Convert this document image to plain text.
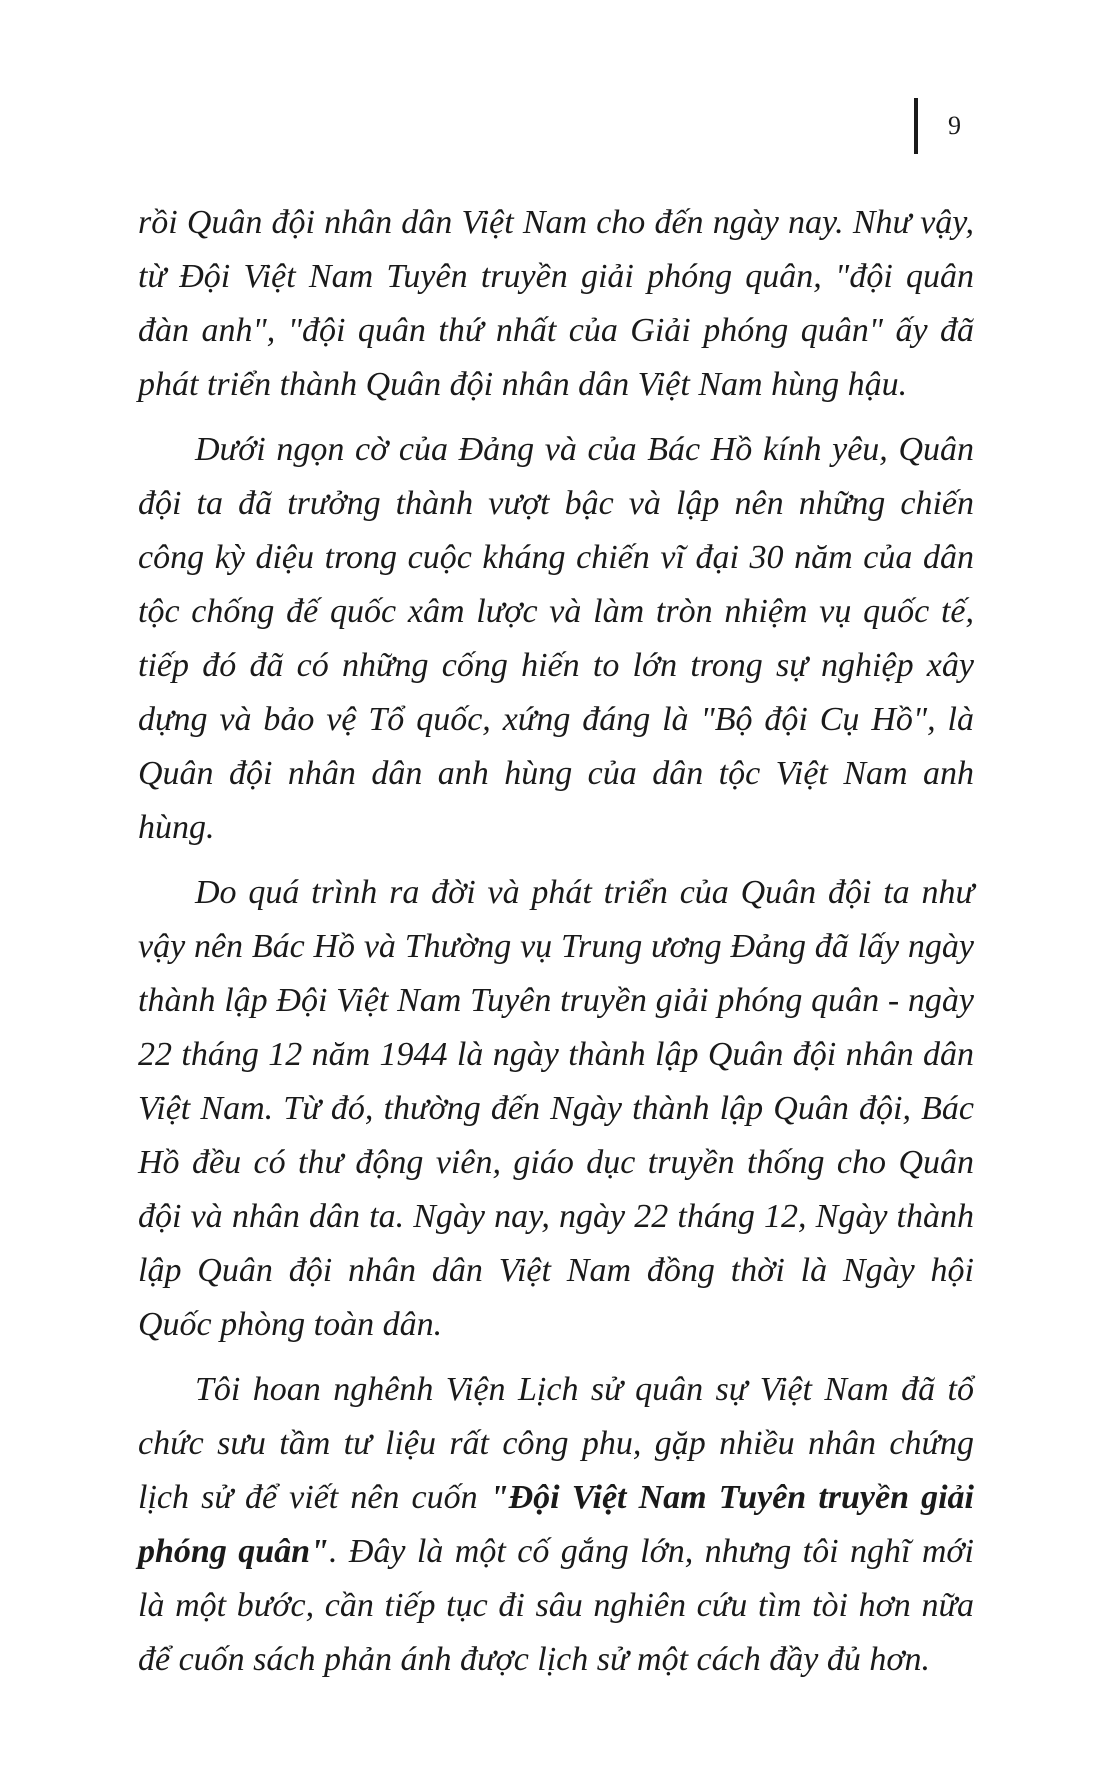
9

rồi Quân đội nhân dân Việt Nam cho đến ngày nay. Như vậy, từ Đội Việt Nam Tuyên truyền giải phóng quân, "đội quân đàn anh", "đội quân thứ nhất của Giải phóng quân" ấy đã phát triển thành Quân đội nhân dân Việt Nam hùng hậu.

Dưới ngọn cờ của Đảng và của Bác Hồ kính yêu, Quân đội ta đã trưởng thành vượt bậc và lập nên những chiến công kỳ diệu trong cuộc kháng chiến vĩ đại 30 năm của dân tộc chống đế quốc xâm lược và làm tròn nhiệm vụ quốc tế, tiếp đó đã có những cống hiến to lớn trong sự nghiệp xây dựng và bảo vệ Tổ quốc, xứng đáng là "Bộ đội Cụ Hồ", là Quân đội nhân dân anh hùng của dân tộc Việt Nam anh hùng.

Do quá trình ra đời và phát triển của Quân đội ta như vậy nên Bác Hồ và Thường vụ Trung ương Đảng đã lấy ngày thành lập Đội Việt Nam Tuyên truyền giải phóng quân - ngày 22 tháng 12 năm 1944 là ngày thành lập Quân đội nhân dân Việt Nam. Từ đó, thường đến Ngày thành lập Quân đội, Bác Hồ đều có thư động viên, giáo dục truyền thống cho Quân đội và nhân dân ta. Ngày nay, ngày 22 tháng 12, Ngày thành lập Quân đội nhân dân Việt Nam đồng thời là Ngày hội Quốc phòng toàn dân.

Tôi hoan nghênh Viện Lịch sử quân sự Việt Nam đã tổ chức sưu tầm tư liệu rất công phu, gặp nhiều nhân chứng lịch sử để viết nên cuốn "Đội Việt Nam Tuyên truyền giải phóng quân". Đây là một cố gắng lớn, nhưng tôi nghĩ mới là một bước, cần tiếp tục đi sâu nghiên cứu tìm tòi hơn nữa để cuốn sách phản ánh được lịch sử một cách đầy đủ hơn.
